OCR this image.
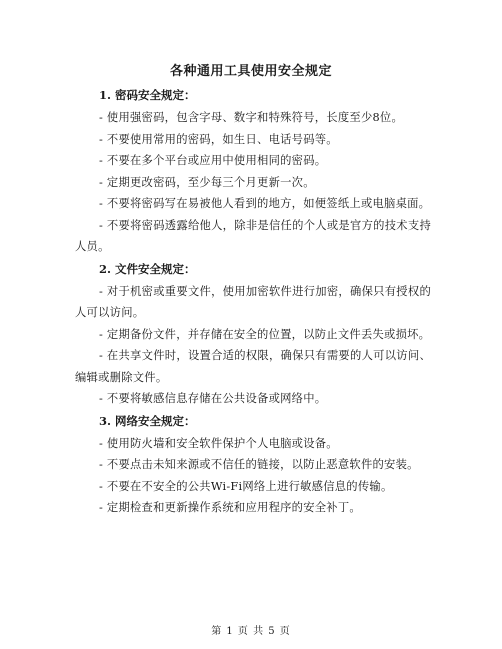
各种通用工具使用安全规定

1. 密码安全规定：

- 使用强密码，包含字母、数字和特殊符号，长度至少8位。

- 不要使用常用的密码，如生日、电话号码等。

- 不要在多个平台或应用中使用相同的密码。

- 定期更改密码，至少每三个月更新一次。

- 不要将密码写在易被他人看到的地方，如便签纸上或电脑桌面。

- 不要将密码透露给他人，除非是信任的个人或是官方的技术支持人员。

2. 文件安全规定：

- 对于机密或重要文件，使用加密软件进行加密，确保只有授权的人可以访问。

- 定期备份文件，并存储在安全的位置，以防止文件丢失或损坏。

- 在共享文件时，设置合适的权限，确保只有需要的人可以访问、编辑或删除文件。

- 不要将敏感信息存储在公共设备或网络中。

3. 网络安全规定：

- 使用防火墙和安全软件保护个人电脑或设备。

- 不要点击未知来源或不信任的链接，以防止恶意软件的安装。

- 不要在不安全的公共Wi-Fi网络上进行敏感信息的传输。

- 定期检查和更新操作系统和应用程序的安全补丁。

第 1 页 共 5 页
